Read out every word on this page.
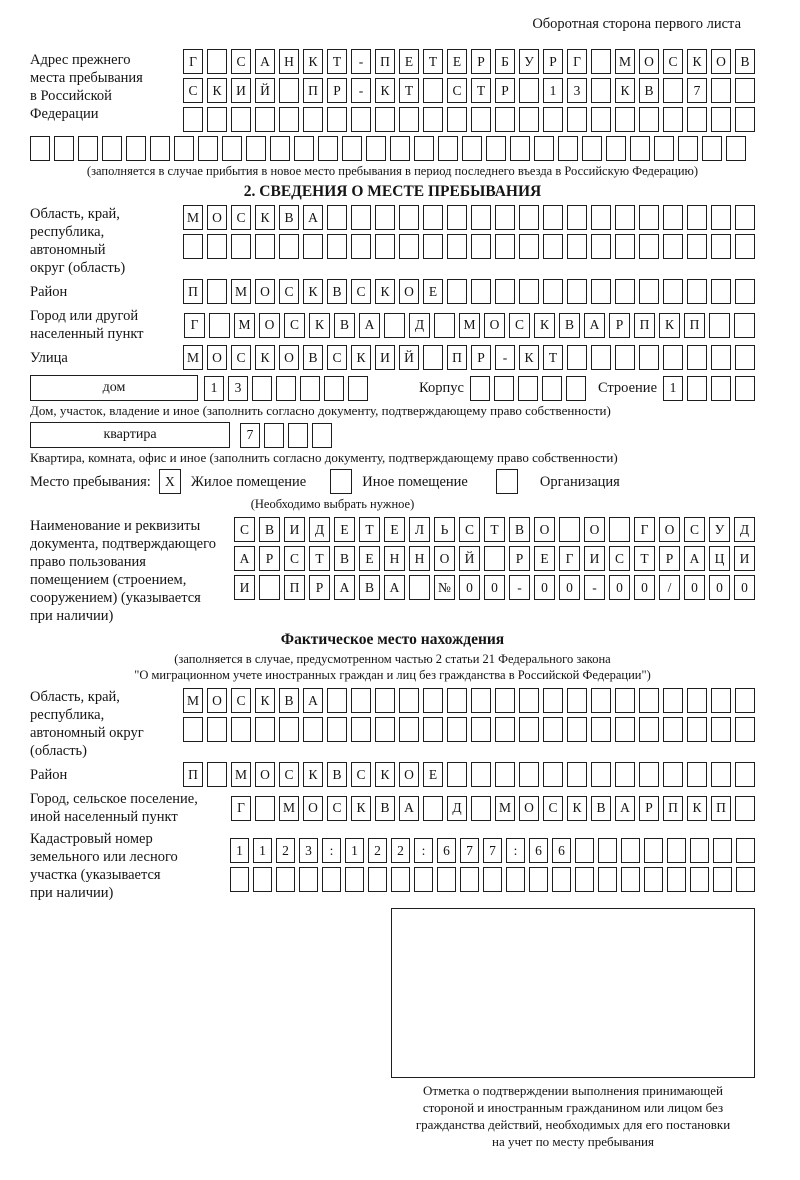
Оборотная сторона первого листа
Адрес прежнего
места пребывания
в Российской
Федерации
Г	С	А	Н	К	Т	-	П	Е	Т	Е	Р	Б	У	Р	Г	М О	С	К	О	В
С	К	И	Й	П	Р	-	К	Т	С	Т	Р	1	3	К	В	7
(заполняется в случае прибытия в новое место пребывания в период последнего въезда в Российскую Федерацию)
2. СВЕДЕНИЯ О МЕСТЕ ПРЕБЫВАНИЯ
Область, край,
республика,
автономный
округ (область)
М О	С	К	В	А
Район	П	М О	С	К	В	С	К	О	Е
Город или другой
населенный пункт
Г	М	О	С	К	В	А	Д	М	О	С	К	В	А	Р	П	К	П
Улица	М О	С	К	О	В	С	К	И	Й	П	Р	-	К	Т
дом	1	3	Корпус	Строение 1
Дом, участок, владение и иное (заполнить согласно документу, подтверждающему право собственности)
квартира	7
Квартира, комната, офис и иное (заполнить согласно документу, подтверждающему право собственности)
Место пребывания:	X	Жилое помещение	Иное помещение	Организация
(Необходимо выбрать нужное)
Наименование и реквизиты
документа, подтверждающего
право пользования
помещением (строением,
сооружением) (указывается
при наличии)
С	В	И	Д	Е	Т	Е	Л	Ь	С	Т	В	О	О	Г	О	С	У	Д
А	Р	С	Т	В	Е	Н	Н	О	Й	Р	Е	Г	И	С	Т	Р	А	Ц	И
И	П	Р	А	В	А	№	0	0	-	0	0	-	0	0	/	0	0	0
Фактическое место нахождения
(заполняется в случае, предусмотренном частью 2 статьи 21 Федерального закона
"О миграционном учете иностранных граждан и лиц без гражданства в Российской Федерации")
Область, край,
республика,
автономный округ
(область)
М О	С	К	В	А
Район	П	М О	С	К	В	С	К	О	Е
Город, сельское поселение,
иной населенный пункт
Г	М О	С	К	В	А	Д	М О	С	К	В	А	Р	П	К	П
Кадастровый номер
земельного или лесного
участка (указывается
при наличии)
1	1	2	3	:	1	2	2	:	6	7	7	:	6	6
Отметка о подтверждении выполнения принимающей
стороной и иностранным гражданином или лицом без
гражданства действий, необходимых для его постановки
на учет по месту пребывания
